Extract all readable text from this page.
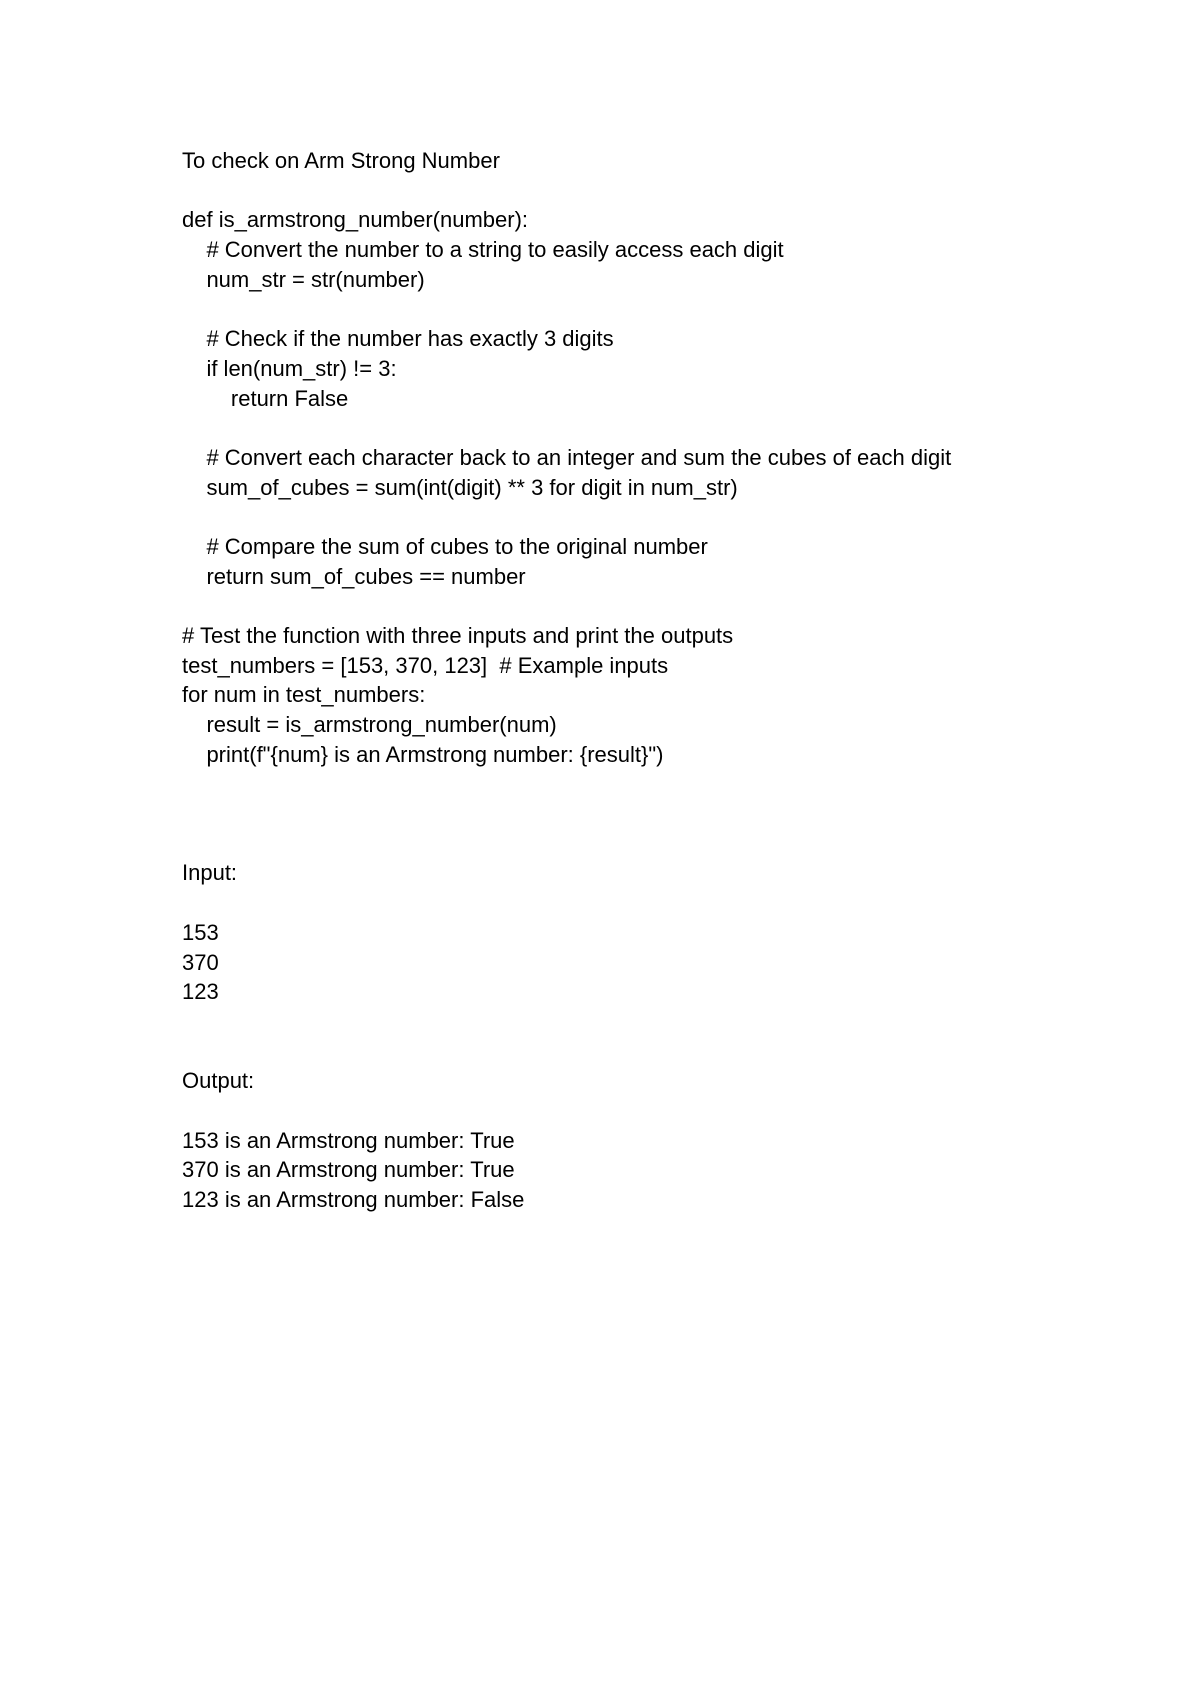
To check on Arm Strong Number
def is_armstrong_number(number):
# Convert the number to a string to easily access each digit
num_str = str(number)
# Check if the number has exactly 3 digits
if len(num_str) != 3:
return False
# Convert each character back to an integer and sum the cubes of each digit
sum_of_cubes = sum(int(digit) ** 3 for digit in num_str)
# Compare the sum of cubes to the original number
return sum_of_cubes == number
# Test the function with three inputs and print the outputs
test_numbers = [153, 370, 123]  # Example inputs
for num in test_numbers:
result = is_armstrong_number(num)
print(f"{num} is an Armstrong number: {result}")
Input:
153
370
123
Output:
153 is an Armstrong number: True
370 is an Armstrong number: True
123 is an Armstrong number: False
